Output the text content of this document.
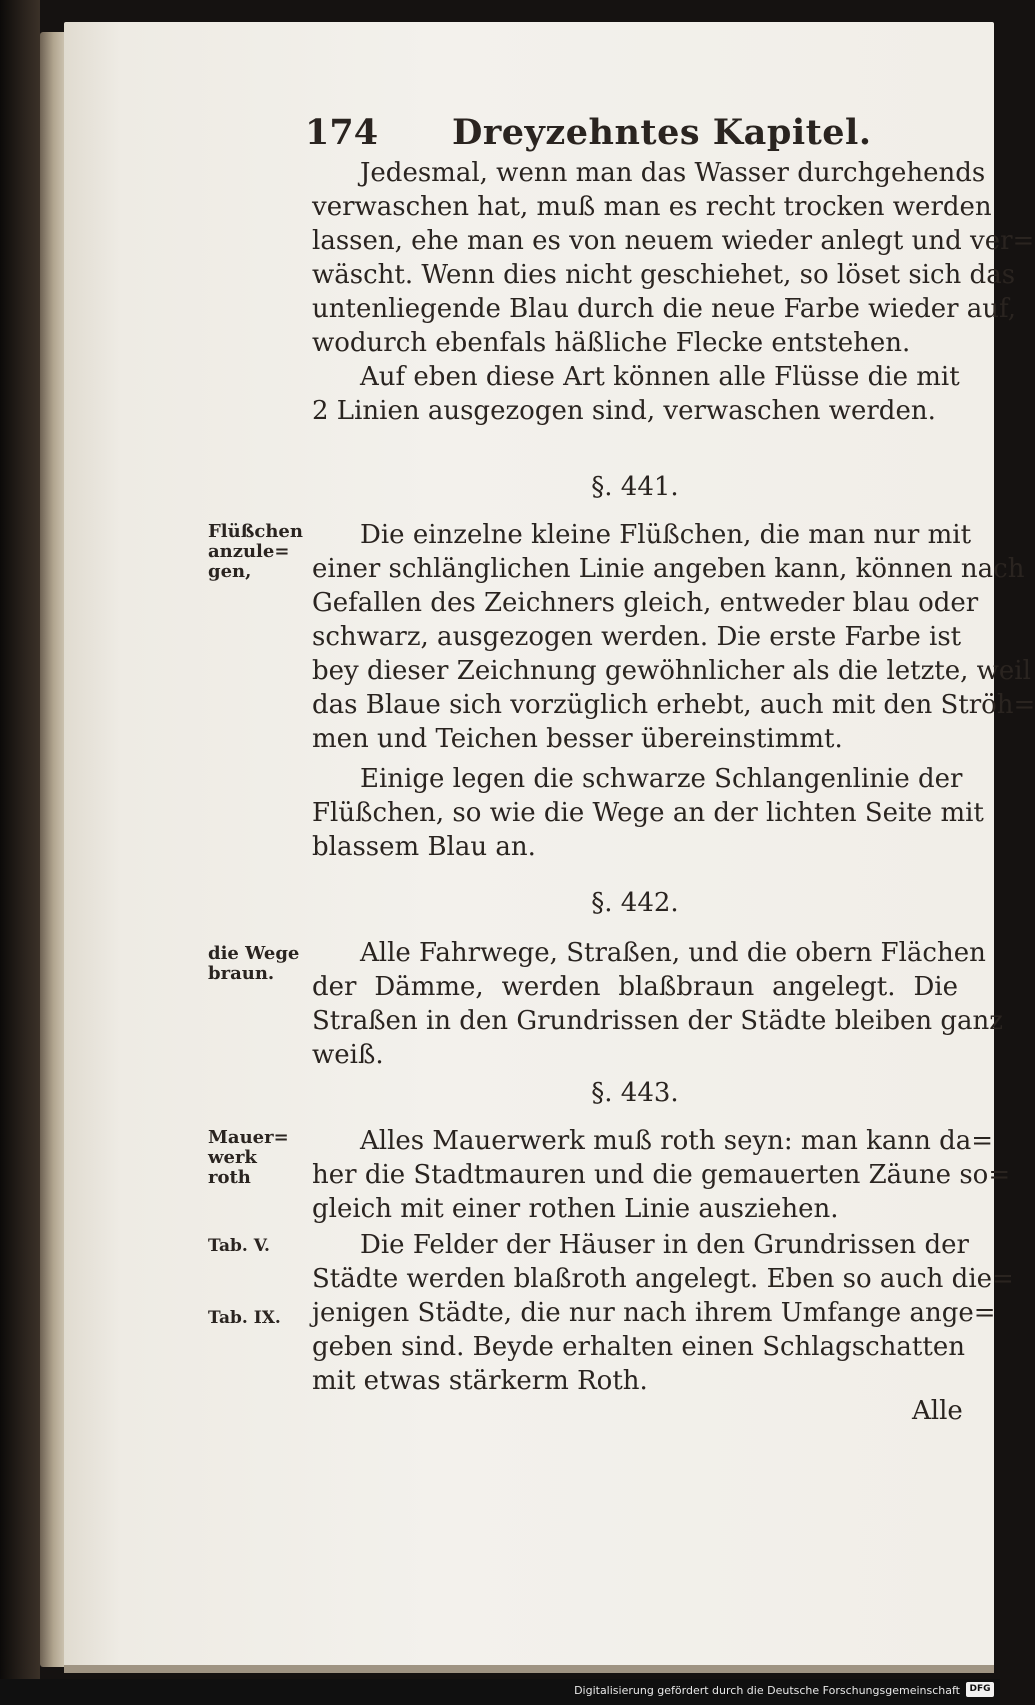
174 Dreyzehntes Kapitel.
Jedesmal, wenn man das Wasser durchgehends
verwaschen hat, muß man es recht trocken werden
lassen, ehe man es von neuem wieder anlegt und ver=
wäscht. Wenn dies nicht geschiehet, so löset sich das
untenliegende Blau durch die neue Farbe wieder auf,
wodurch ebenfals häßliche Flecke entstehen.
Auf eben diese Art können alle Flüsse die mit
2 Linien ausgezogen sind, verwaschen werden.
§. 441.
Flüßchen
anzule=
gen,
Die einzelne kleine Flüßchen, die man nur mit
einer schlänglichen Linie angeben kann, können nach
Gefallen des Zeichners gleich, entweder blau oder
schwarz, ausgezogen werden. Die erste Farbe ist
bey dieser Zeichnung gewöhnlicher als die letzte, weil
das Blaue sich vorzüglich erhebt, auch mit den Ströh=
men und Teichen besser übereinstimmt.
Einige legen die schwarze Schlangenlinie der
Flüßchen, so wie die Wege an der lichten Seite mit
blassem Blau an.
§. 442.
die Wege
braun.
Alle Fahrwege, Straßen, und die obern Flächen
der Dämme, werden blaßbraun angelegt. Die
Straßen in den Grundrissen der Städte bleiben ganz
weiß.
§. 443.
Mauer=
werk roth
Alles Mauerwerk muß roth seyn: man kann da=
her die Stadtmauren und die gemauerten Zäune so=
gleich mit einer rothen Linie ausziehen.
Tab. V.
Tab. IX.
Die Felder der Häuser in den Grundrissen der
Städte werden blaßroth angelegt. Eben so auch die=
jenigen Städte, die nur nach ihrem Umfange ange=
geben sind. Beyde erhalten einen Schlagschatten
mit etwas stärkerm Roth.
Alle
Digitalisierung gefördert durch die Deutsche Forschungsgemeinschaft	DFG
